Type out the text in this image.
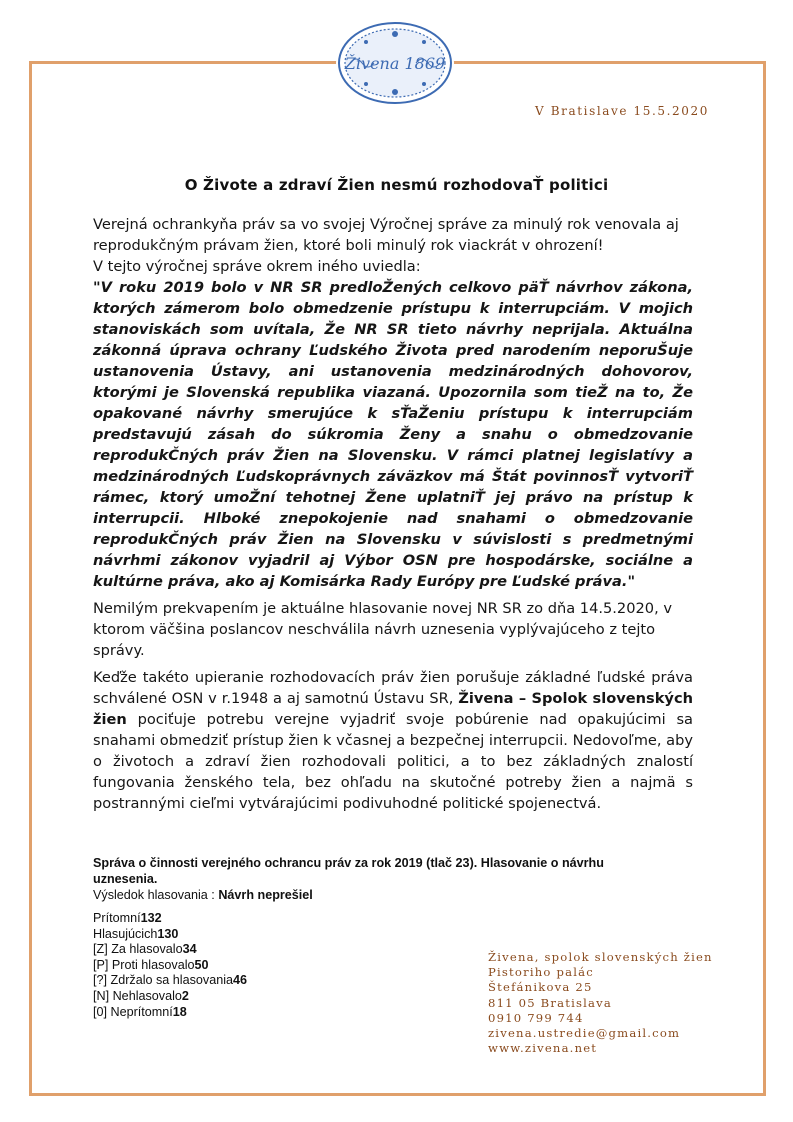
Živena 1869
V Bratislave 15.5.2020
O Živote a zdraví Žien nesmú rozhodovaŤ politici

Verejná ochrankyňa práv sa vo svojej Výročnej správe za minulý rok venovala aj reprodukčným právam žien, ktoré boli minulý rok viackrát v ohrození!

V tejto výročnej správe okrem iného uviedla:

"V roku 2019 bolo v NR SR predloŽených celkovo päŤ návrhov zákona, ktorých zámerom bolo obmedzenie prístupu k interrupciám. V mojich stanoviskách som uvítala, Že NR SR tieto návrhy neprijala. Aktuálna zákonná úprava ochrany Ľudského Života pred narodením neporuŠuje ustanovenia Ústavy, ani ustanovenia medzinárodných dohovorov, ktorými je Slovenská republika viazaná. Upozornila som tieŽ na to, Že opakované návrhy smerujúce k sŤaŽeniu prístupu k interrupciám predstavujú zásah do súkromia Ženy a snahu o obmedzovanie reprodukČných práv Žien na Slovensku. V rámci platnej legislatívy a medzinárodných Ľudskoprávnych záväzkov má Štát povinnosŤ vytvoriŤ rámec, ktorý umoŽní tehotnej Žene uplatniŤ jej právo na prístup k interrupcii. Hlboké znepokojenie nad snahami o obmedzovanie reprodukČných práv Žien na Slovensku v súvislosti s predmetnými návrhmi zákonov vyjadril aj Výbor OSN pre hospodárske, sociálne a kultúrne práva, ako aj Komisárka Rady Európy pre Ľudské práva."

Nemilým prekvapením je aktuálne hlasovanie novej NR SR zo dňa 14.5.2020, v ktorom väčšina poslancov neschválila návrh uznesenia vyplývajúceho z tejto správy.

Keďže takéto upieranie rozhodovacích práv žien porušuje základné ľudské práva schválené OSN v r.1948 a aj samotnú Ústavu SR, Živena – Spolok slovenských žien pociťuje potrebu verejne vyjadriť svoje pobúrenie nad opakujúcimi sa snahami obmedziť prístup žien k včasnej a bezpečnej interrupcii. Nedovoľme, aby o životoch a zdraví žien rozhodovali politici, a to bez základných znalostí fungovania ženského tela, bez ohľadu na skutočné potreby žien a najmä s postrannými cieľmi vytvárajúcimi podivuhodné politické spojenectvá.

Správa o činnosti verejného ochrancu práv za rok 2019 (tlač 23). Hlasovanie o návrhu uznesenia.
Výsledok hlasovania : Návrh neprešiel
Prítomní132
Hlasujúcich130
[Z] Za hlasovalo34
[P] Proti hlasovalo50
[?] Zdržalo sa hlasovania46
[N] Nehlasovalo2
[0] Neprítomní18
Živena, spolok slovenských žien
Pistoriho palác
Štefánikova 25
811 05 Bratislava
0910 799 744
zivena.ustredie@gmail.com
www.zivena.net
